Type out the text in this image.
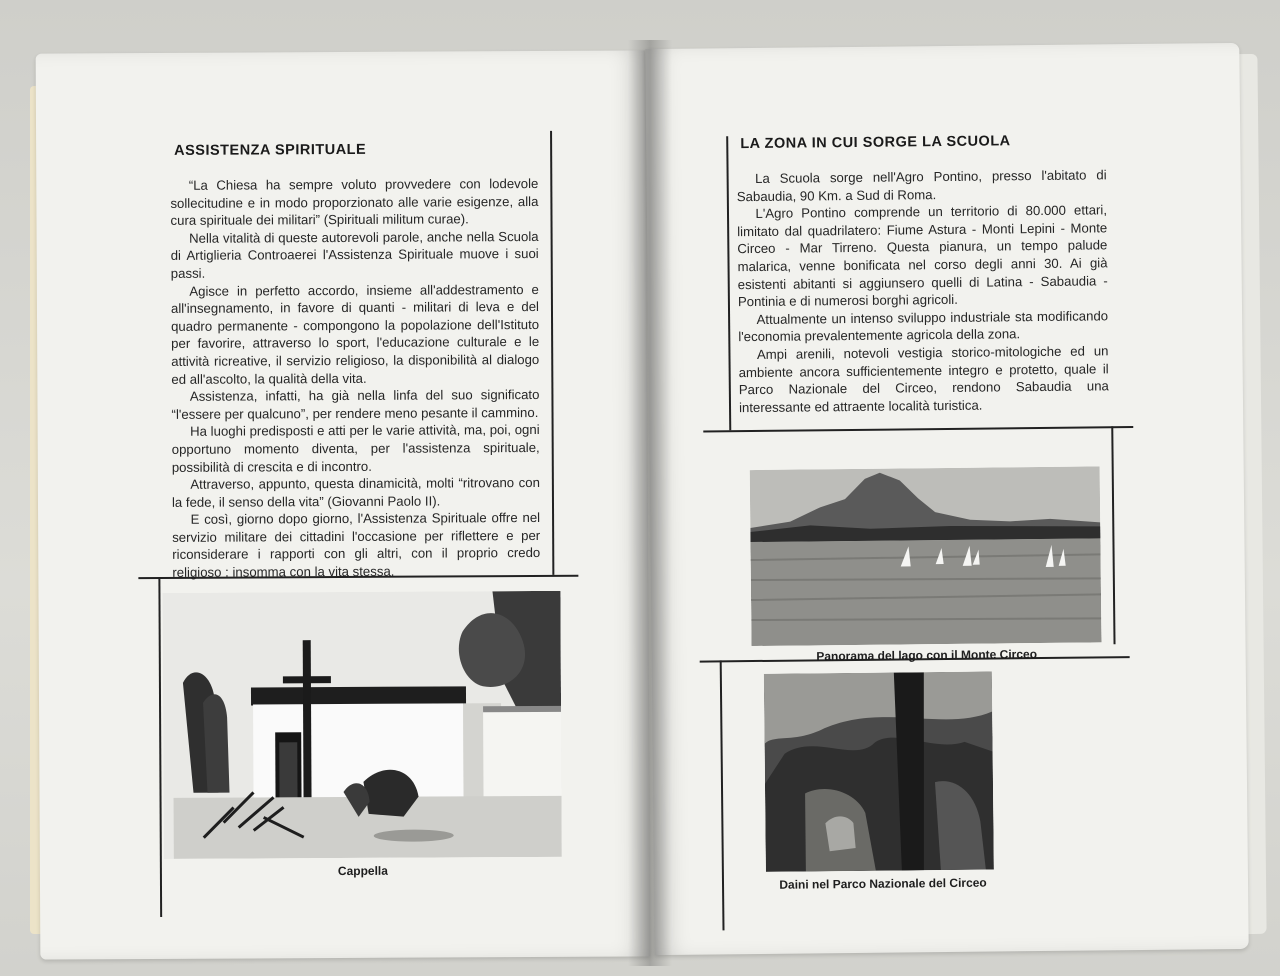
ASSISTENZA SPIRITUALE

“La Chiesa ha sempre voluto provvedere con lodevole sollecitudine e in modo proporzionato alle varie esigenze, alla cura spirituale dei militari” (Spirituali militum curae).

Nella vitalità di queste autorevoli parole, anche nella Scuola di Artiglieria Controaerei l'Assistenza Spirituale muove i suoi passi.

Agisce in perfetto accordo, insieme all'addestramento e all'insegnamento, in favore di quanti - militari di leva e del quadro permanente - compongono la popolazione dell'Istituto per favorire, attraverso lo sport, l'educazione culturale e le attività ricreative, il servizio religioso, la disponibilità al dialogo ed all'ascolto, la qualità della vita.

Assistenza, infatti, ha già nella linfa del suo significato “l'essere per qualcuno”, per rendere meno pesante il cammino.

Ha luoghi predisposti e atti per le varie attività, ma, poi, ogni opportuno momento diventa, per l'assistenza spirituale, possibilità di crescita e di incontro.

Attraverso, appunto, questa dinamicità, molti “ritrovano con la fede, il senso della vita” (Giovanni Paolo II).

E così, giorno dopo giorno, l'Assistenza Spirituale offre nel servizio militare dei cittadini l'occasione per riflettere e per riconsiderare i rapporti con gli altri, con il proprio credo religioso : insomma con la vita stessa.

Cappella
LA ZONA IN CUI SORGE LA SCUOLA

La Scuola sorge nell'Agro Pontino, presso l'abitato di Sabaudia, 90 Km. a Sud di Roma.

L'Agro Pontino comprende un territorio di 80.000 ettari, limitato dal quadrilatero: Fiume Astura - Monti Lepini - Monte Circeo - Mar Tirreno. Questa pianura, un tempo palude malarica, venne bonificata nel corso degli anni 30. Ai già esistenti abitanti si aggiunsero quelli di Latina - Sabaudia - Pontinia e di numerosi borghi agricoli.

Attualmente un intenso sviluppo industriale sta modificando l'economia prevalentemente agricola della zona.

Ampi arenili, notevoli vestigia storico-mitologiche ed un ambiente ancora sufficientemente integro e protetto, quale il Parco Nazionale del Circeo, rendono Sabaudia una interessante ed attraente località turistica.

Panorama del lago con il Monte Circeo
Daini nel Parco Nazionale del Circeo
